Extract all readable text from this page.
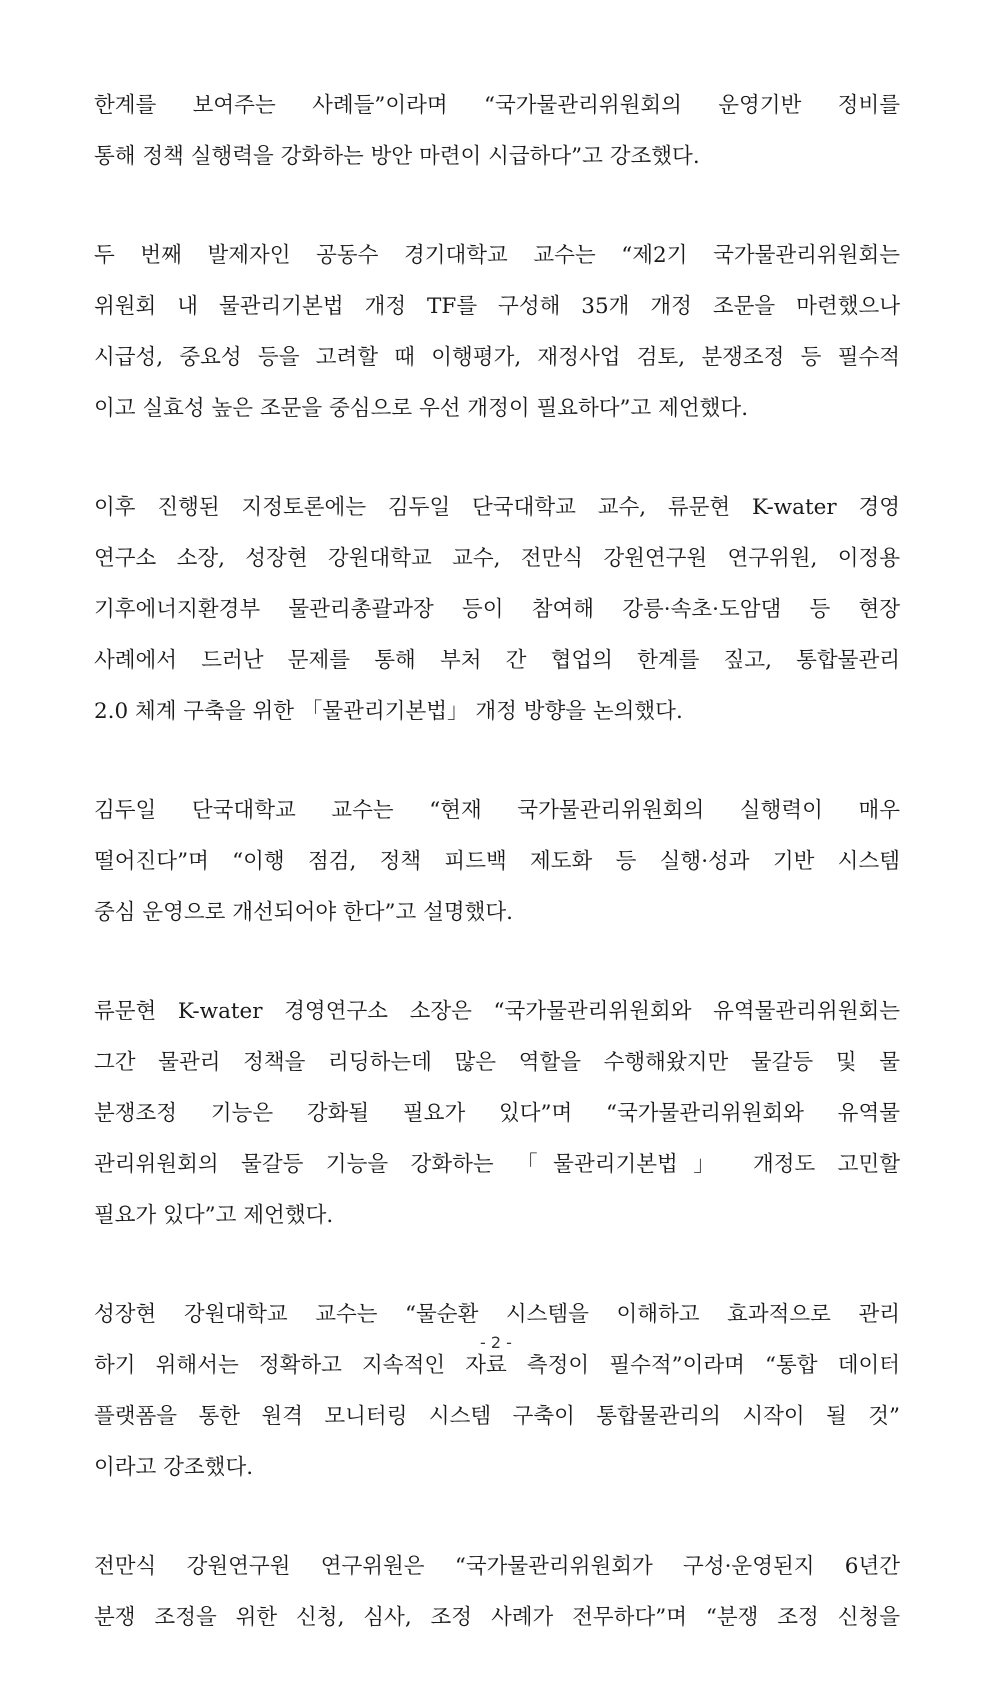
한계를 보여주는 사례들”이라며 “국가물관리위원회의 운영기반 정비를
통해 정책 실행력을 강화하는 방안 마련이 시급하다”고 강조했다.
두 번째 발제자인 공동수 경기대학교 교수는 “제2기 국가물관리위원회는
위원회 내 물관리기본법 개정 TF를 구성해 35개 개정 조문을 마련했으나
시급성, 중요성 등을 고려할 때 이행평가, 재정사업 검토, 분쟁조정 등 필수적
이고 실효성 높은 조문을 중심으로 우선 개정이 필요하다”고 제언했다.
이후 진행된 지정토론에는 김두일 단국대학교 교수, 류문현 K-water 경영
연구소 소장, 성장현 강원대학교 교수, 전만식 강원연구원 연구위원, 이정용
기후에너지환경부 물관리총괄과장 등이 참여해 강릉·속초·도암댐 등 현장
사례에서 드러난 문제를 통해 부처 간 협업의 한계를 짚고, 통합물관리
2.0 체계 구축을 위한 「물관리기본법」 개정 방향을 논의했다.
김두일 단국대학교 교수는 “현재 국가물관리위원회의 실행력이 매우
떨어진다”며 “이행 점검, 정책 피드백 제도화 등 실행·성과 기반 시스템
중심 운영으로 개선되어야 한다”고 설명했다.
류문현 K-water 경영연구소 소장은 “국가물관리위원회와 유역물관리위원회는
그간 물관리 정책을 리딩하는데 많은 역할을 수행해왔지만 물갈등 및 물
분쟁조정 기능은 강화될 필요가 있다”며 “국가물관리위원회와 유역물
관리위원회의 물갈등 기능을 강화하는 「물관리기본법」 개정도 고민할
필요가 있다”고 제언했다.
성장현 강원대학교 교수는 “물순환 시스템을 이해하고 효과적으로 관리
하기 위해서는 정확하고 지속적인 자료 측정이 필수적”이라며 “통합 데이터
플랫폼을 통한 원격 모니터링 시스템 구축이 통합물관리의 시작이 될 것”
이라고 강조했다.
전만식 강원연구원 연구위원은 “국가물관리위원회가 구성·운영된지 6년간
분쟁 조정을 위한 신청, 심사, 조정 사례가 전무하다”며 “분쟁 조정 신청을
- 2 -
